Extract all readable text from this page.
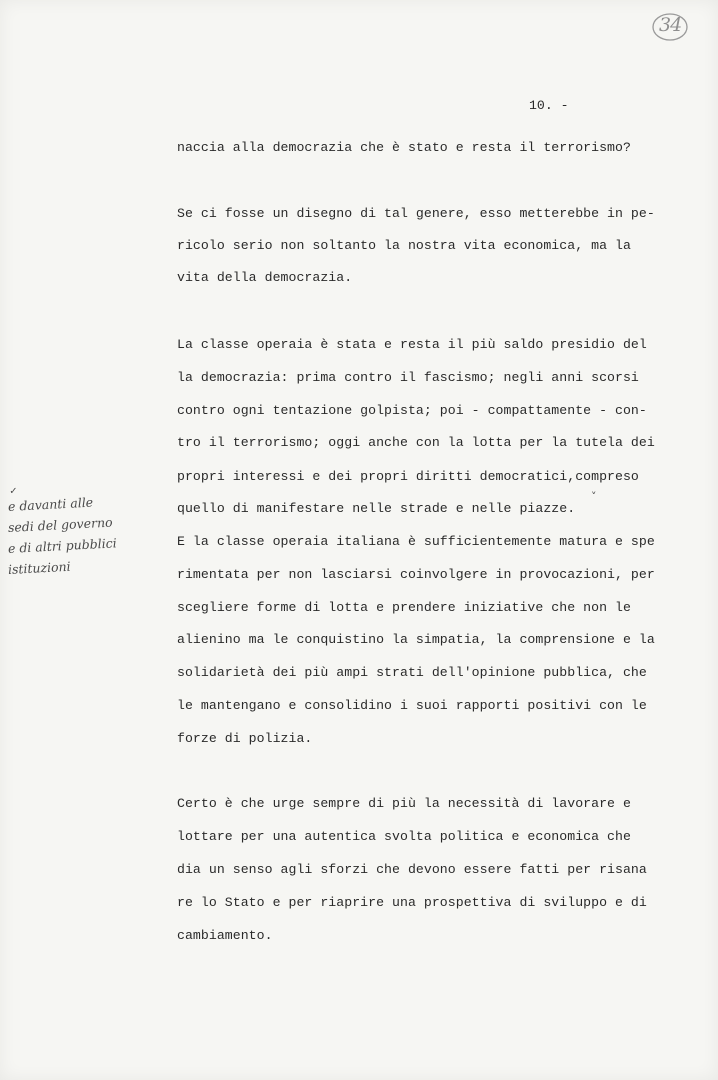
34
10. -
naccia alla democrazia che è stato e resta il terrorismo?
Se ci fosse un disegno di tal genere, esso metterebbe in pe-
ricolo serio non soltanto la nostra vita economica, ma la
vita della democrazia.
La classe operaia è stata e resta il più saldo presidio del
la democrazia: prima contro il fascismo; negli anni scorsi
contro ogni tentazione golpista; poi - compattamente - con-
tro il terrorismo; oggi anche con la lotta per la tutela dei
propri interessi e dei propri diritti democratici,compreso
quello di manifestare nelle strade e nelle piazze.
E la classe operaia italiana è sufficientemente matura e spe
rimentata per non lasciarsi coinvolgere in provocazioni, per
scegliere forme di lotta e prendere iniziative che non le
alienino ma le conquistino la simpatia, la comprensione e la
solidarietà dei più ampi strati dell'opinione pubblica, che
le mantengano e consolidino i suoi rapporti positivi con le
forze di polizia.
Certo è che urge sempre di più la necessità di lavorare e
lottare per una autentica svolta politica e economica che
dia un senso agli sforzi che devono essere fatti per risana
re lo Stato e per riaprire una prospettiva di sviluppo e di
cambiamento.
✓	˅
e davanti alle
sedi del governo
e di altri pubblici
istituzioni
